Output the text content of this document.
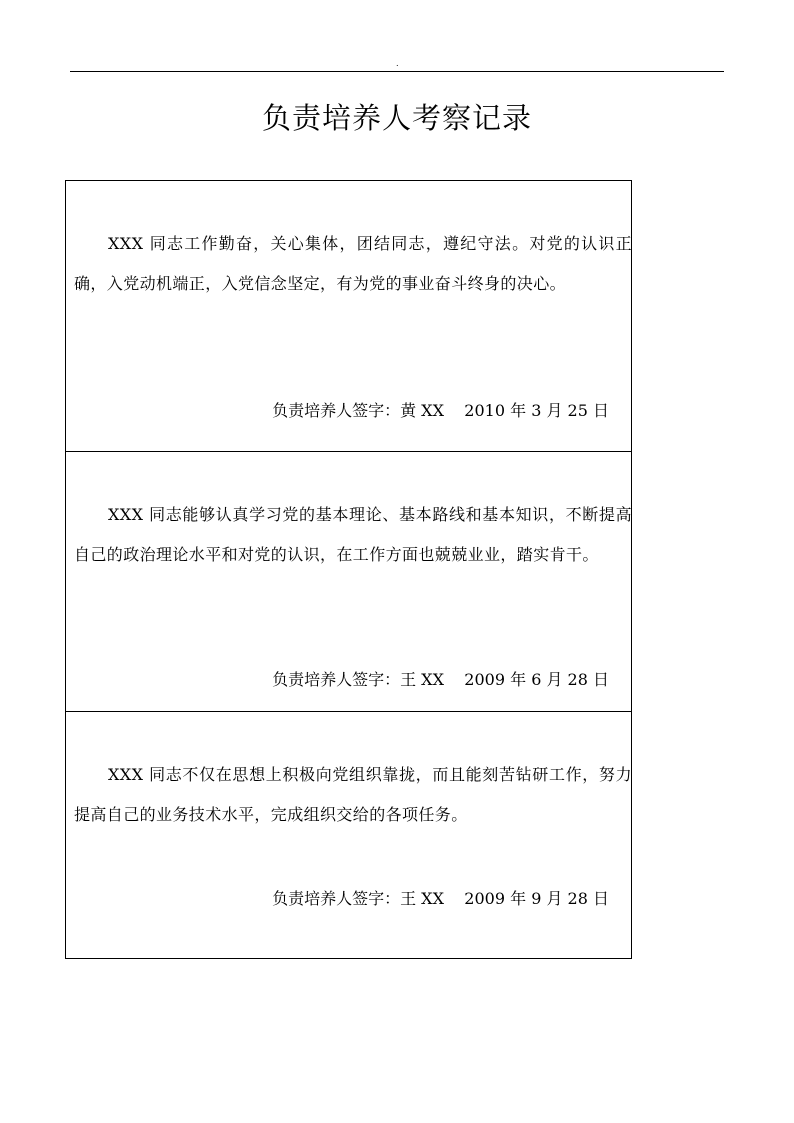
.
负责培养人考察记录

XXX 同志工作勤奋，关心集体，团结同志，遵纪守法。对党的认识正确，入党动机端正，入党信念坚定，有为党的事业奋斗终身的决心。

负责培养人签字：黄 XX    2010 年 3 月 25 日

XXX 同志能够认真学习党的基本理论、基本路线和基本知识，不断提高自己的政治理论水平和对党的认识，在工作方面也兢兢业业，踏实肯干。

负责培养人签字：王 XX    2009 年 6 月 28 日

XXX 同志不仅在思想上积极向党组织靠拢，而且能刻苦钻研工作，努力提高自己的业务技术水平，完成组织交给的各项任务。

负责培养人签字：王 XX    2009 年 9 月 28 日
